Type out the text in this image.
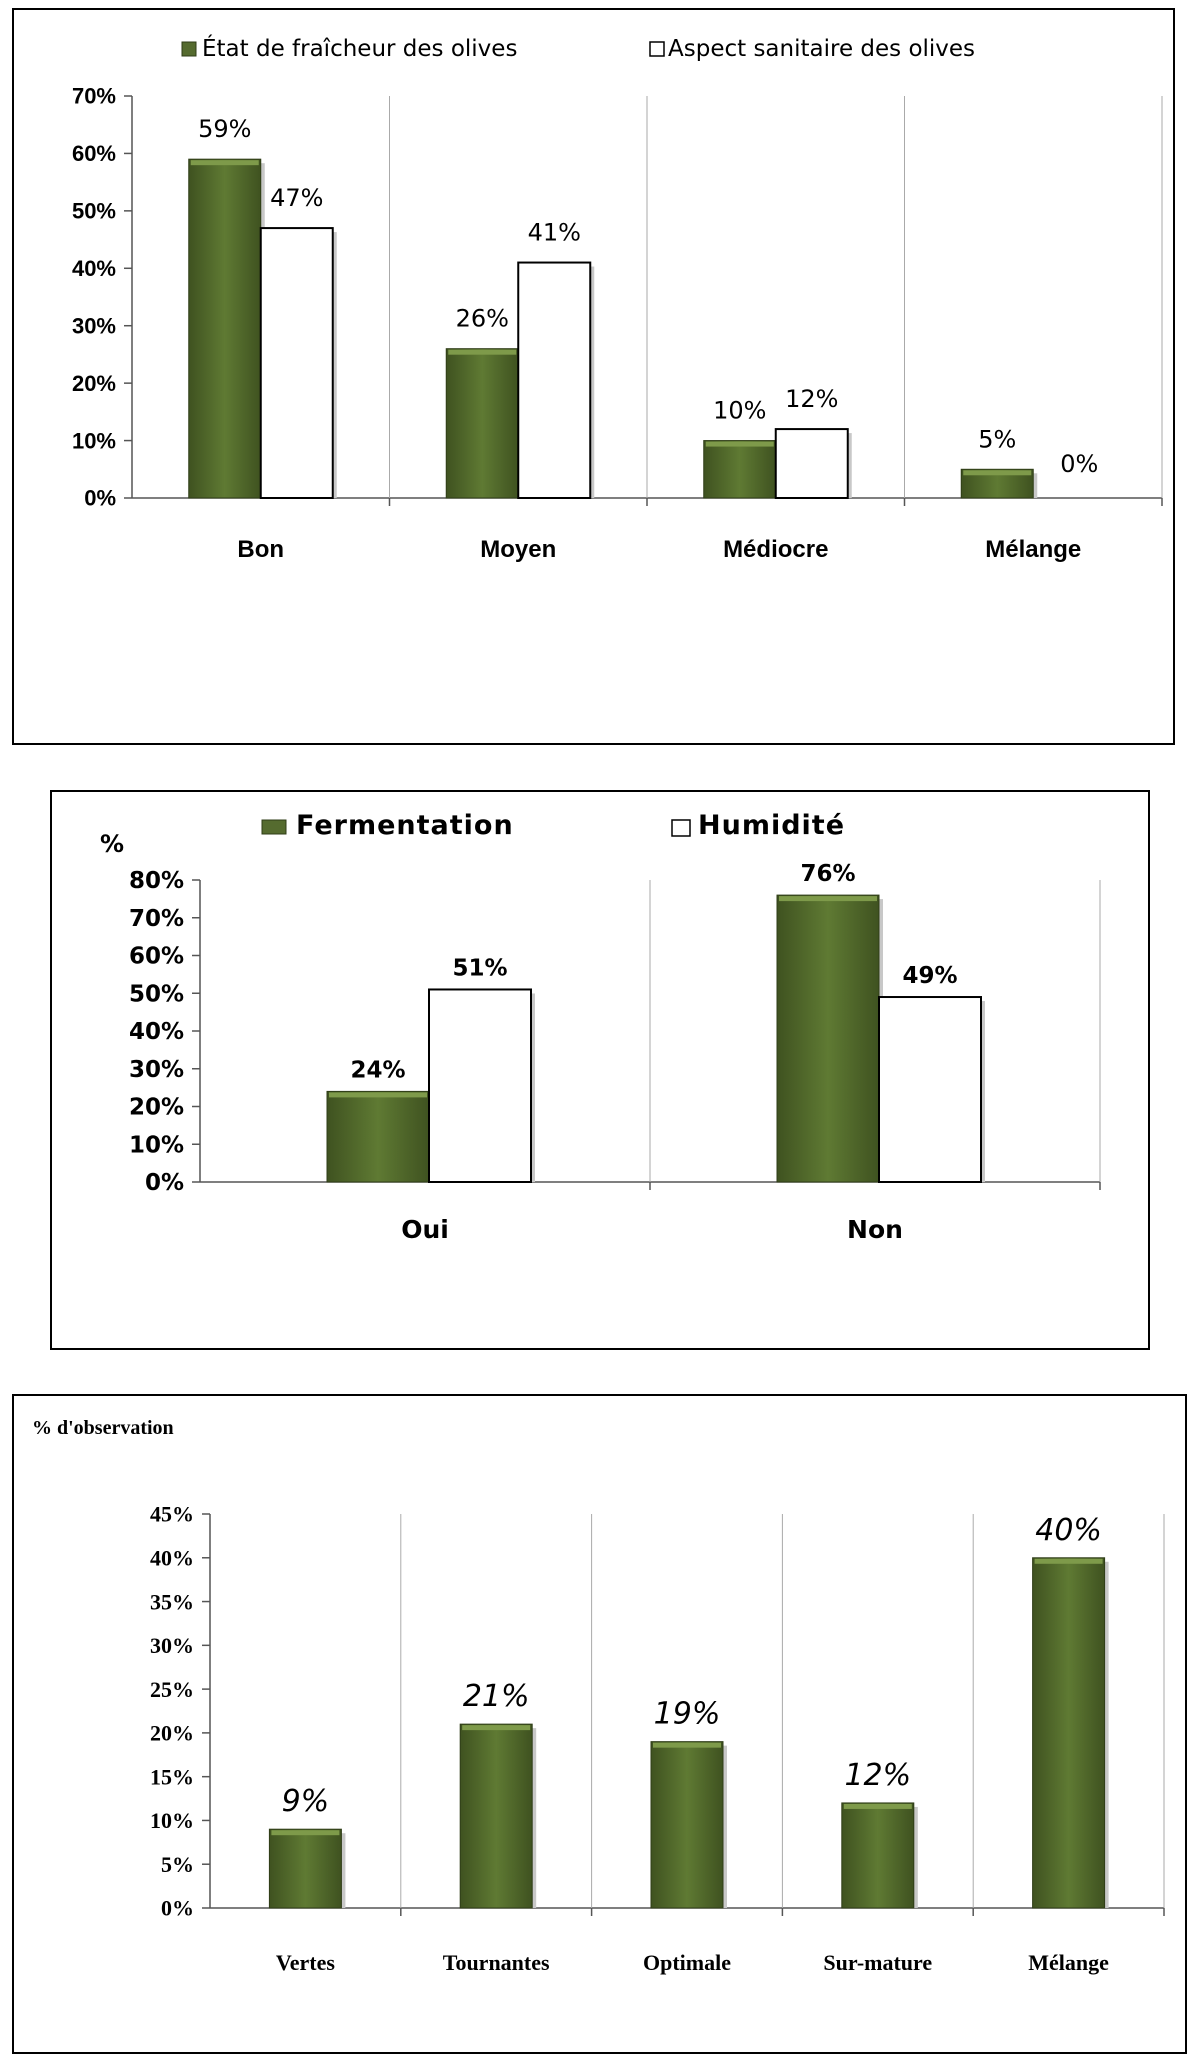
État de fraîcheur des olives	Aspect sanitaire des olives
59%
47%
26%
41%
10% 12%
5%
0%
0%
10%
20%
30%
40%
50%
60%
70%
Bon	Moyen	Médiocre	Mélange
Fermentation	Humidité
%
24%
51%
76%
49%
0%
10%
20%
30%
40%
50%
60%
70%
80%
Oui	Non
% d'observation
9%
21%
19%
12%
40%
0%
5%
10%
15%
20%
25%
30%
35%
40%
45%
Vertes	Tournantes	Optimale	Sur-mature	Mélange
